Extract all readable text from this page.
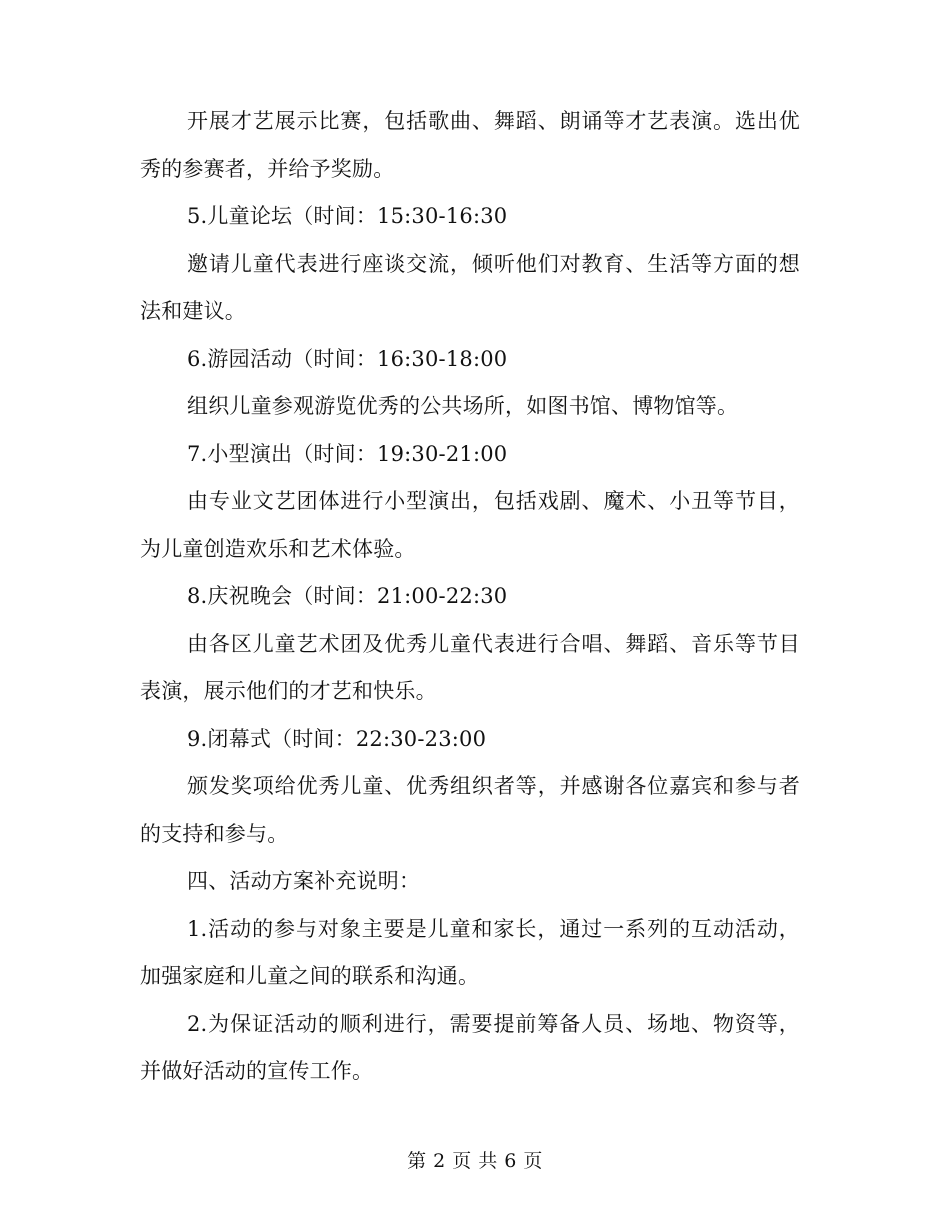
开展才艺展示比赛，包括歌曲、舞蹈、朗诵等才艺表演。选出优秀的参赛者，并给予奖励。

5.儿童论坛（时间：15:30-16:30

邀请儿童代表进行座谈交流，倾听他们对教育、生活等方面的想法和建议。

6.游园活动（时间：16:30-18:00

组织儿童参观游览优秀的公共场所，如图书馆、博物馆等。

7.小型演出（时间：19:30-21:00

由专业文艺团体进行小型演出，包括戏剧、魔术、小丑等节目，为儿童创造欢乐和艺术体验。

8.庆祝晚会（时间：21:00-22:30

由各区儿童艺术团及优秀儿童代表进行合唱、舞蹈、音乐等节目表演，展示他们的才艺和快乐。

9.闭幕式（时间：22:30-23:00

颁发奖项给优秀儿童、优秀组织者等，并感谢各位嘉宾和参与者的支持和参与。

四、活动方案补充说明：

1.活动的参与对象主要是儿童和家长，通过一系列的互动活动，加强家庭和儿童之间的联系和沟通。

2.为保证活动的顺利进行，需要提前筹备人员、场地、物资等，并做好活动的宣传工作。

第 2 页 共 6 页
